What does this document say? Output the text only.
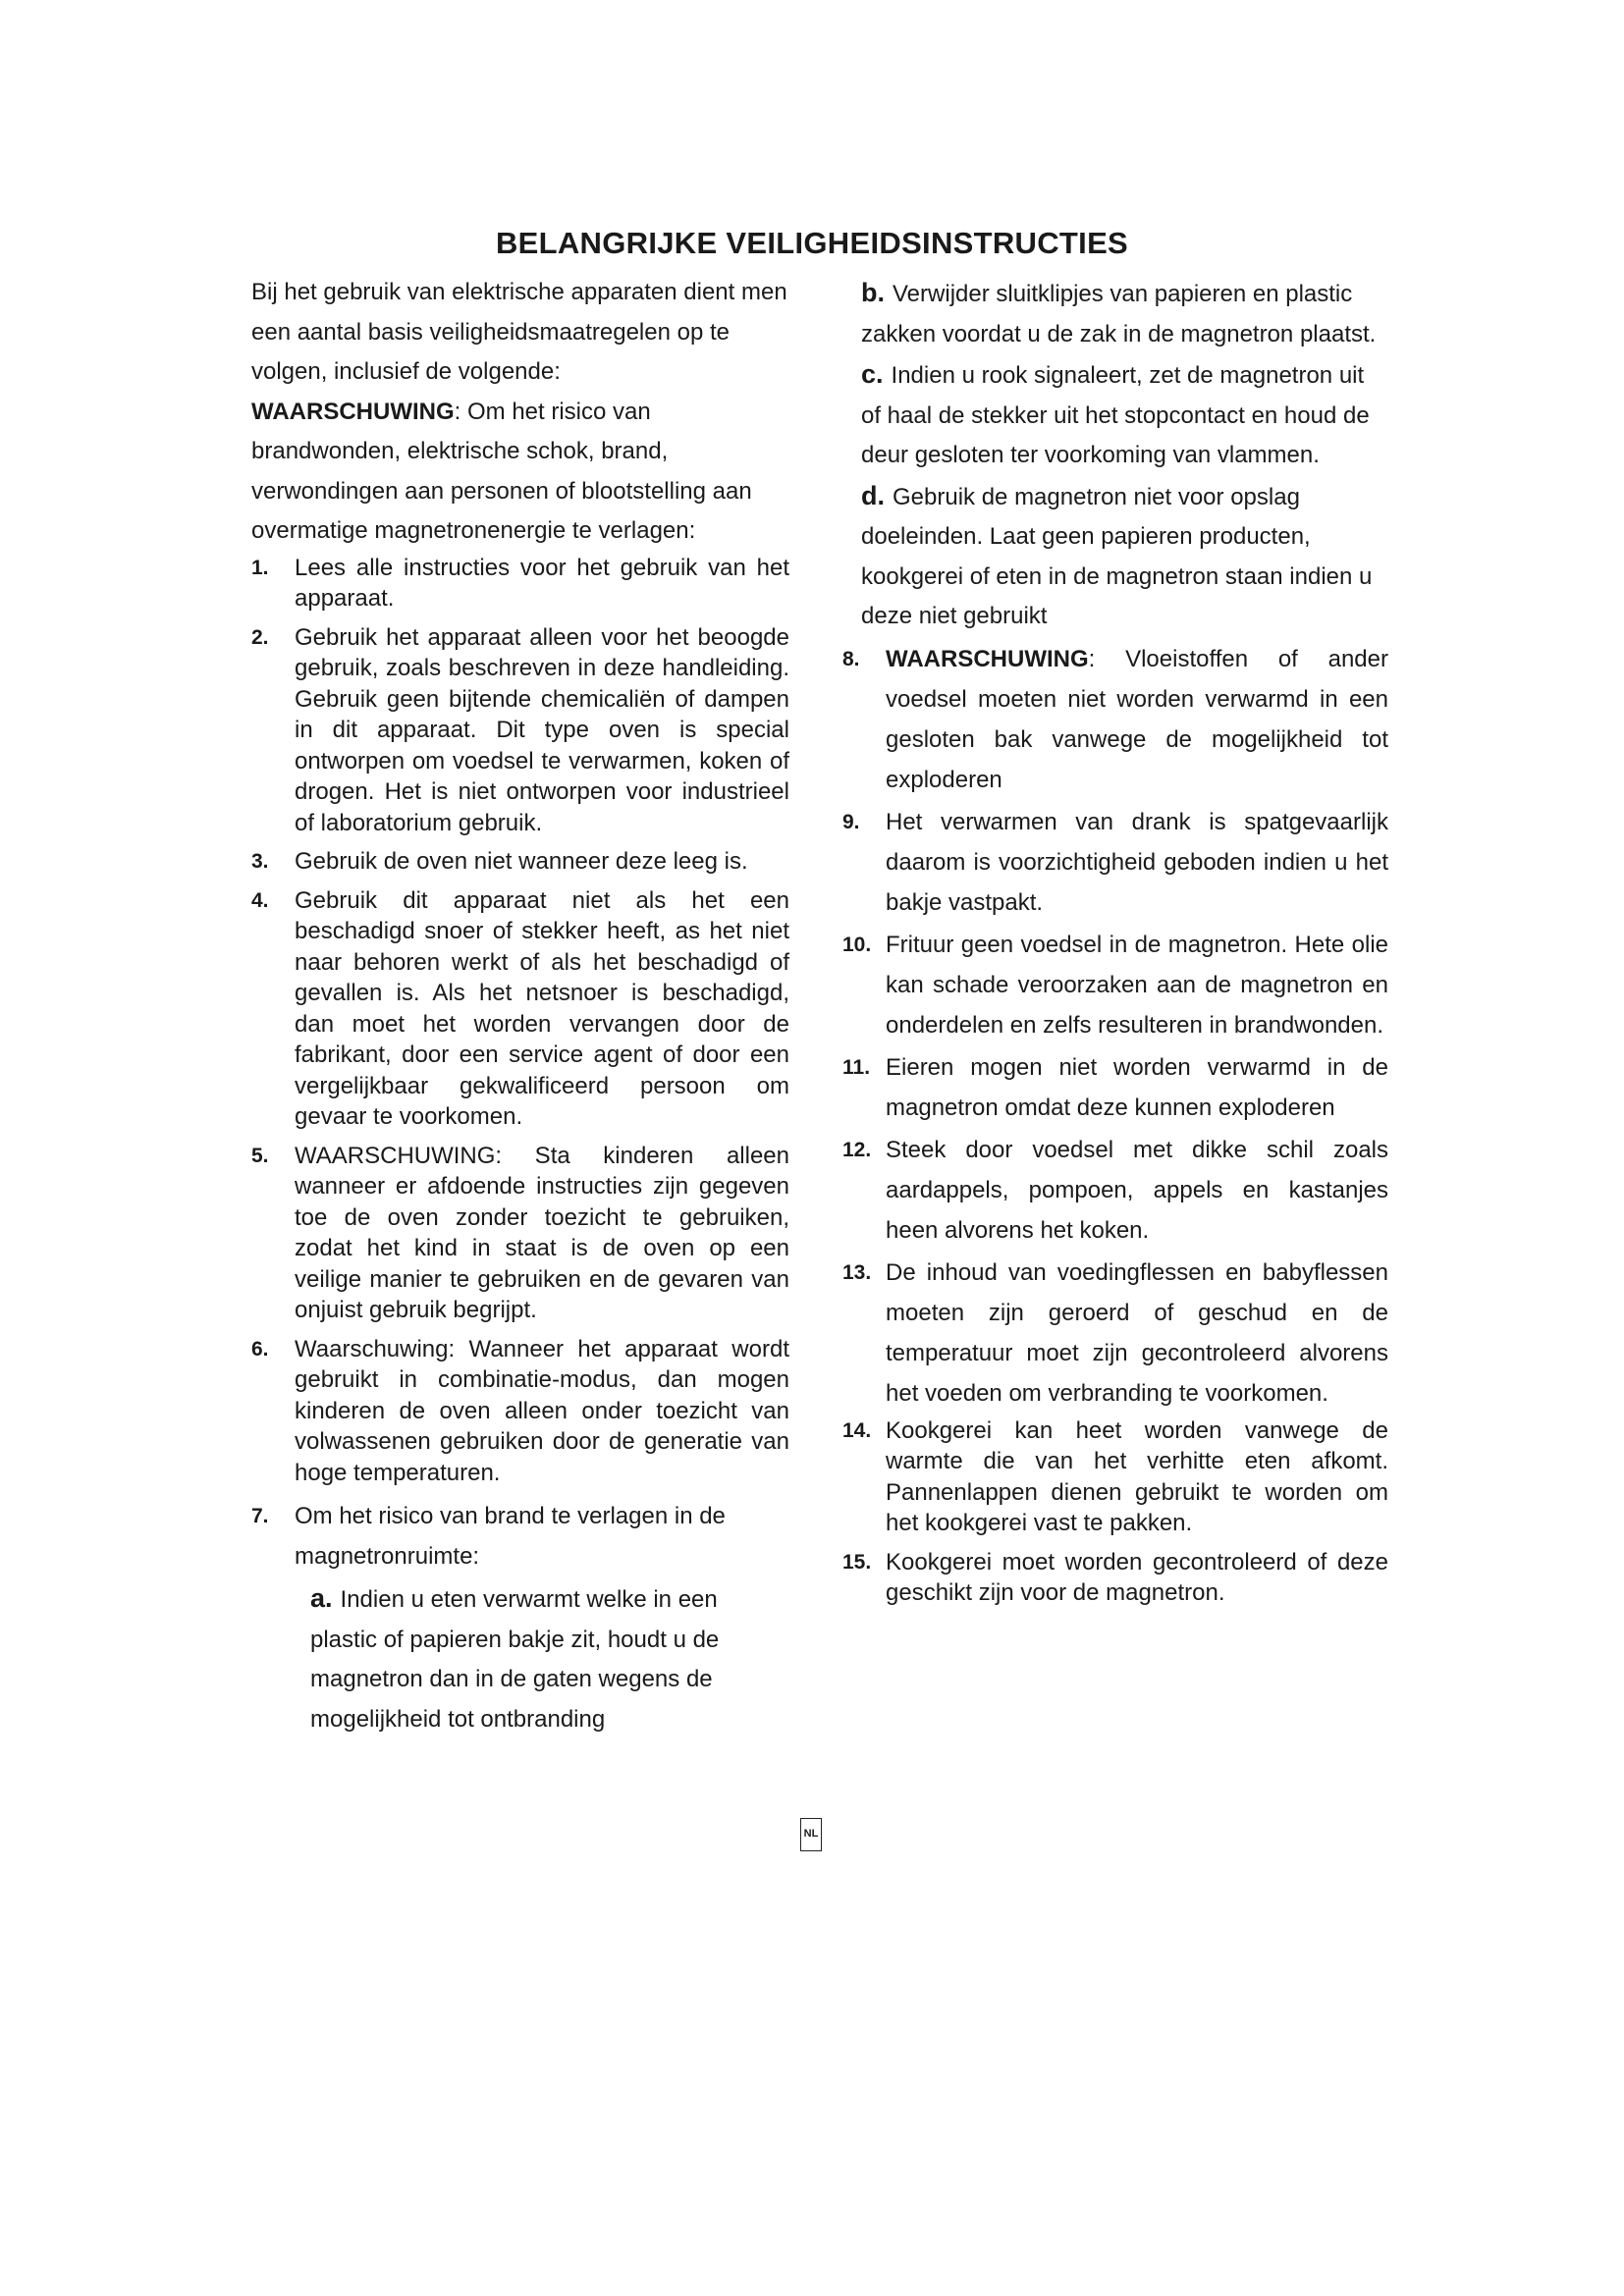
BELANGRIJKE VEILIGHEIDSINSTRUCTIES

Bij het gebruik van elektrische apparaten dient men een aantal basis veiligheidsmaatregelen op te volgen, inclusief de volgende:

WAARSCHUWING: Om het risico van brandwonden, elektrische schok, brand, verwondingen aan personen of blootstelling aan overmatige magnetronenergie te verlagen:

1. Lees alle instructies voor het gebruik van het apparaat.
2. Gebruik het apparaat alleen voor het beoogde gebruik, zoals beschreven in deze handleiding. Gebruik geen bijtende chemicaliën of dampen in dit apparaat. Dit type oven is special ontworpen om voedsel te verwarmen, koken of drogen. Het is niet ontworpen voor industrieel of laboratorium gebruik.
3. Gebruik de oven niet wanneer deze leeg is.
4. Gebruik dit apparaat niet als het een beschadigd snoer of stekker heeft, as het niet naar behoren werkt of als het beschadigd of gevallen is. Als het netsnoer is beschadigd, dan moet het worden vervangen door de fabrikant, door een service agent of door een vergelijkbaar gekwalificeerd persoon om gevaar te voorkomen.
5. WAARSCHUWING: Sta kinderen alleen wanneer er afdoende instructies zijn gegeven toe de oven zonder toezicht te gebruiken, zodat het kind in staat is de oven op een veilige manier te gebruiken en de gevaren van onjuist gebruik begrijpt.
6. Waarschuwing: Wanneer het apparaat wordt gebruikt in combinatie-modus, dan mogen kinderen de oven alleen onder toezicht van volwassenen gebruiken door de generatie van hoge temperaturen.
7. Om het risico van brand te verlagen in de magnetronruimte:
a. Indien u eten verwarmt welke in een plastic of papieren bakje zit, houdt u de magnetron dan in de gaten wegens de mogelijkheid tot ontbranding
b. Verwijder sluitklipjes van papieren en plastic zakken voordat u de zak in de magnetron plaatst.
c. Indien u rook signaleert, zet de magnetron uit of haal de stekker uit het stopcontact en houd de deur gesloten ter voorkoming van vlammen.
d. Gebruik de magnetron niet voor opslag doeleinden. Laat geen papieren producten, kookgerei of eten in de magnetron staan indien u deze niet gebruikt
8. WAARSCHUWING: Vloeistoffen of ander voedsel moeten niet worden verwarmd in een gesloten bak vanwege de mogelijkheid tot exploderen
9. Het verwarmen van drank is spatgevaarlijk daarom is voorzichtigheid geboden indien u het bakje vastpakt.
10. Frituur geen voedsel in de magnetron. Hete olie kan schade veroorzaken aan de magnetron en onderdelen en zelfs resulteren in brandwonden.
11. Eieren mogen niet worden verwarmd in de magnetron omdat deze kunnen exploderen
12. Steek door voedsel met dikke schil zoals aardappels, pompoen, appels en kastanjes heen alvorens het koken.
13. De inhoud van voedingflessen en babyflessen moeten zijn geroerd of geschud en de temperatuur moet zijn gecontroleerd alvorens het voeden om verbranding te voorkomen.
14. Kookgerei kan heet worden vanwege de warmte die van het verhitte eten afkomt. Pannenlappen dienen gebruikt te worden om het kookgerei vast te pakken.
15. Kookgerei moet worden gecontroleerd of deze geschikt zijn voor de magnetron.
NL
